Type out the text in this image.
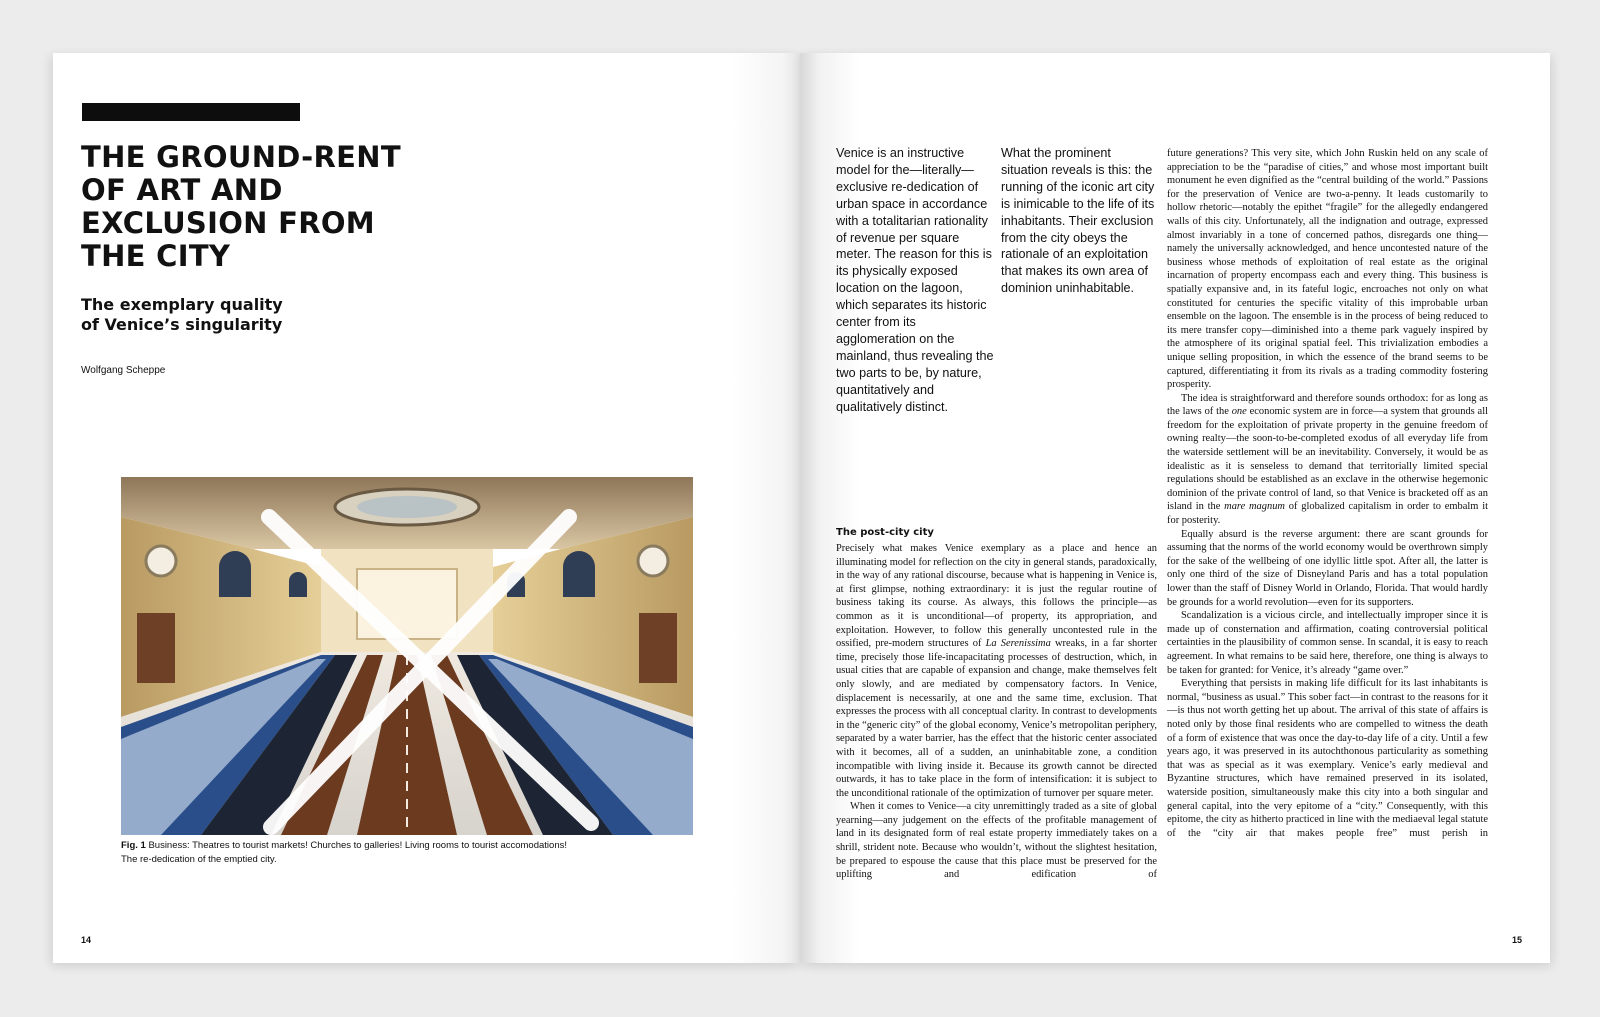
THE GROUND-RENT
OF ART AND
EXCLUSION FROM
THE CITY
The exemplary quality
of Venice’s singularity
Wolfgang Scheppe
Fig. 1 Business: Theatres to tourist markets! Churches to galleries! Living rooms to tourist accomodations!
The re-dedication of the emptied city.
14

Venice is an instructive model for the—literally—exclusive re-dedication of urban space in accordance with a totalitarian rationality of revenue per square meter. The reason for this is its physically exposed location on the lagoon, which separates its historic center from its agglomeration on the mainland, thus revealing the two parts to be, by nature, quantitatively and qualitatively distinct.

What the prominent situation reveals is this: the running of the iconic art city is inimicable to the life of its inhabitants. Their exclusion from the city obeys the rationale of an exploitation that makes its own area of dominion uninhabitable.

The post-city city

Precisely what makes Venice exemplary as a place and hence an illuminating model for reflection on the city in general stands, paradoxically, in the way of any rational discourse, because what is happening in Venice is, at first glimpse, nothing extraordinary: it is just the regular routine of business taking its course. As always, this follows the principle—as common as it is unconditional—of property, its appropriation, and exploitation. However, to follow this generally uncontested rule in the ossified, pre-modern structures of La Serenissima wreaks, in a far shorter time, precisely those life-incapacitating processes of destruction, which, in usual cities that are capable of expansion and change, make themselves felt only slowly, and are mediated by compensatory factors. In Venice, displacement is necessarily, at one and the same time, exclusion. That expresses the process with all conceptual clarity. In contrast to developments in the “generic city” of the global economy, Venice’s metropolitan periphery, separated by a water barrier, has the effect that the historic center associated with it becomes, all of a sudden, an uninhabitable zone, a condition incompatible with living inside it. Because its growth cannot be directed outwards, it has to take place in the form of intensification: it is subject to the unconditional rationale of the optimization of turnover per square meter.

When it comes to Venice—a city unremittingly traded as a site of global yearning—any judgement on the effects of the profitable management of land in its designated form of real estate property immediately takes on a shrill, strident note. Because who wouldn’t, without the slightest hesitation, be prepared to espouse the cause that this place must be preserved for the uplifting and edification of

future generations? This very site, which John Ruskin held on any scale of appreciation to be the “paradise of cities,” and whose most important built monument he even dignified as the “central building of the world.” Passions for the preservation of Venice are two-a-penny. It leads customarily to hollow rhetoric—notably the epithet “fragile” for the allegedly endangered walls of this city. Unfortunately, all the indignation and outrage, expressed almost invariably in a tone of concerned pathos, disregards one thing—namely the universally acknowledged, and hence uncontested nature of the business whose methods of exploitation of real estate as the original incarnation of property encompass each and every thing. This business is spatially expansive and, in its fateful logic, encroaches not only on what constituted for centuries the specific vitality of this improbable urban ensemble on the lagoon. The ensemble is in the process of being reduced to its mere transfer copy—diminished into a theme park vaguely inspired by the atmosphere of its original spatial feel. This trivialization embodies a unique selling proposition, in which the essence of the brand seems to be captured, differentiating it from its rivals as a trading commodity fostering prosperity.

The idea is straightforward and therefore sounds orthodox: for as long as the laws of the one economic system are in force—a system that grounds all freedom for the exploitation of private property in the genuine freedom of owning realty—the soon-to-be-completed exodus of all everyday life from the waterside settlement will be an inevitability. Conversely, it would be as idealistic as it is senseless to demand that territorially limited special regulations should be established as an exclave in the otherwise hegemonic dominion of the private control of land, so that Venice is bracketed off as an island in the mare magnum of globalized capitalism in order to embalm it for posterity.

Equally absurd is the reverse argument: there are scant grounds for assuming that the norms of the world economy would be overthrown simply for the sake of the wellbeing of one idyllic little spot. After all, the latter is only one third of the size of Disneyland Paris and has a total population lower than the staff of Disney World in Orlando, Florida. That would hardly be grounds for a world revolution—even for its supporters.

Scandalization is a vicious circle, and intellectually improper since it is made up of consternation and affirmation, coating controversial political certainties in the plausibility of common sense. In scandal, it is easy to reach agreement. In what remains to be said here, therefore, one thing is always to be taken for granted: for Venice, it’s already “game over.”

Everything that persists in making life difficult for its last inhabitants is normal, “business as usual.” This sober fact—in contrast to the reasons for it—is thus not worth getting het up about. The arrival of this state of affairs is noted only by those final residents who are compelled to witness the death of a form of existence that was once the day-to-day life of a city. Until a few years ago, it was preserved in its autochthonous particularity as something that was as special as it was exemplary. Venice’s early medieval and Byzantine structures, which have remained preserved in its isolated, waterside position, simultaneously make this city into a both singular and general capital, into the very epitome of a “city.” Consequently, with this epitome, the city as hitherto practiced in line with the mediaeval legal statute of the “city air that makes people free” must perish in

15
